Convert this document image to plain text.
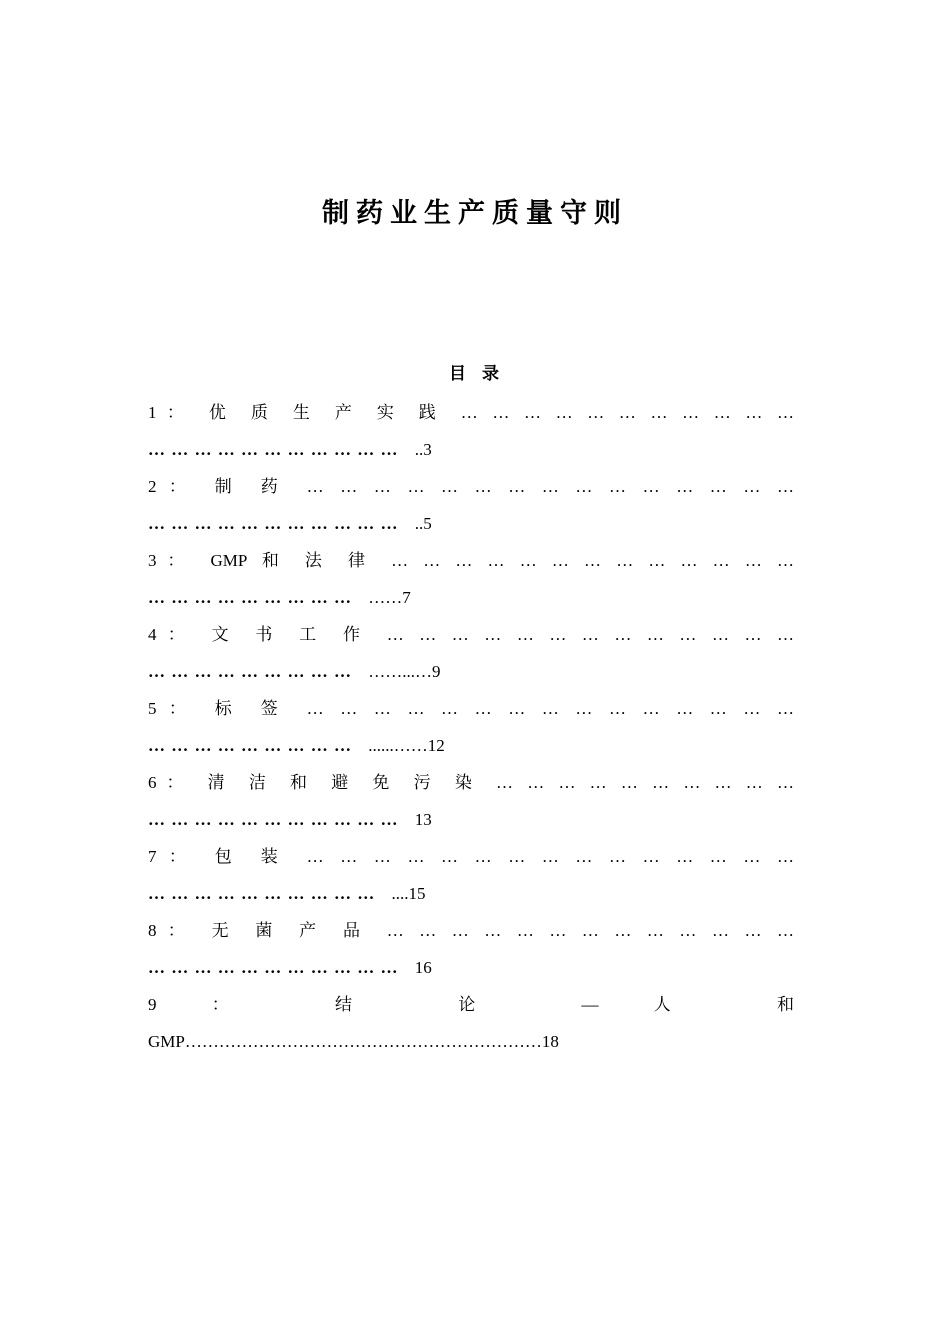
制药业生产质量守则
目 录
1： 优 质 生 产 实 践 … … … … … … … … … … …
… … … … … … … … … … … ..3
2： 制 药 … … … … … … … … … … … … … … …
… … … … … … … … … … … ..5
3： GMP 和 法 律 … … … … … … … … … … … … …
… … … … … … … … … ……7
4： 文 书 工 作 … … … … … … … … … … … … …
… … … … … … … … … ……...…9
5： 标 签 … … … … … … … … … … … … … … …
… … … … … … … … … ......……12
6： 清 洁 和 避 免 污 染 … … … … … … … … … …
… … … … … … … … … … … 13
7： 包 装 … … … … … … … … … … … … … … …
… … … … … … … … … … ....15
8： 无 菌 产 品 … … … … … … … … … … … … …
… … … … … … … … … … … 16
9 ： 结 论 — 人 和
GMP………………………………………………………18
